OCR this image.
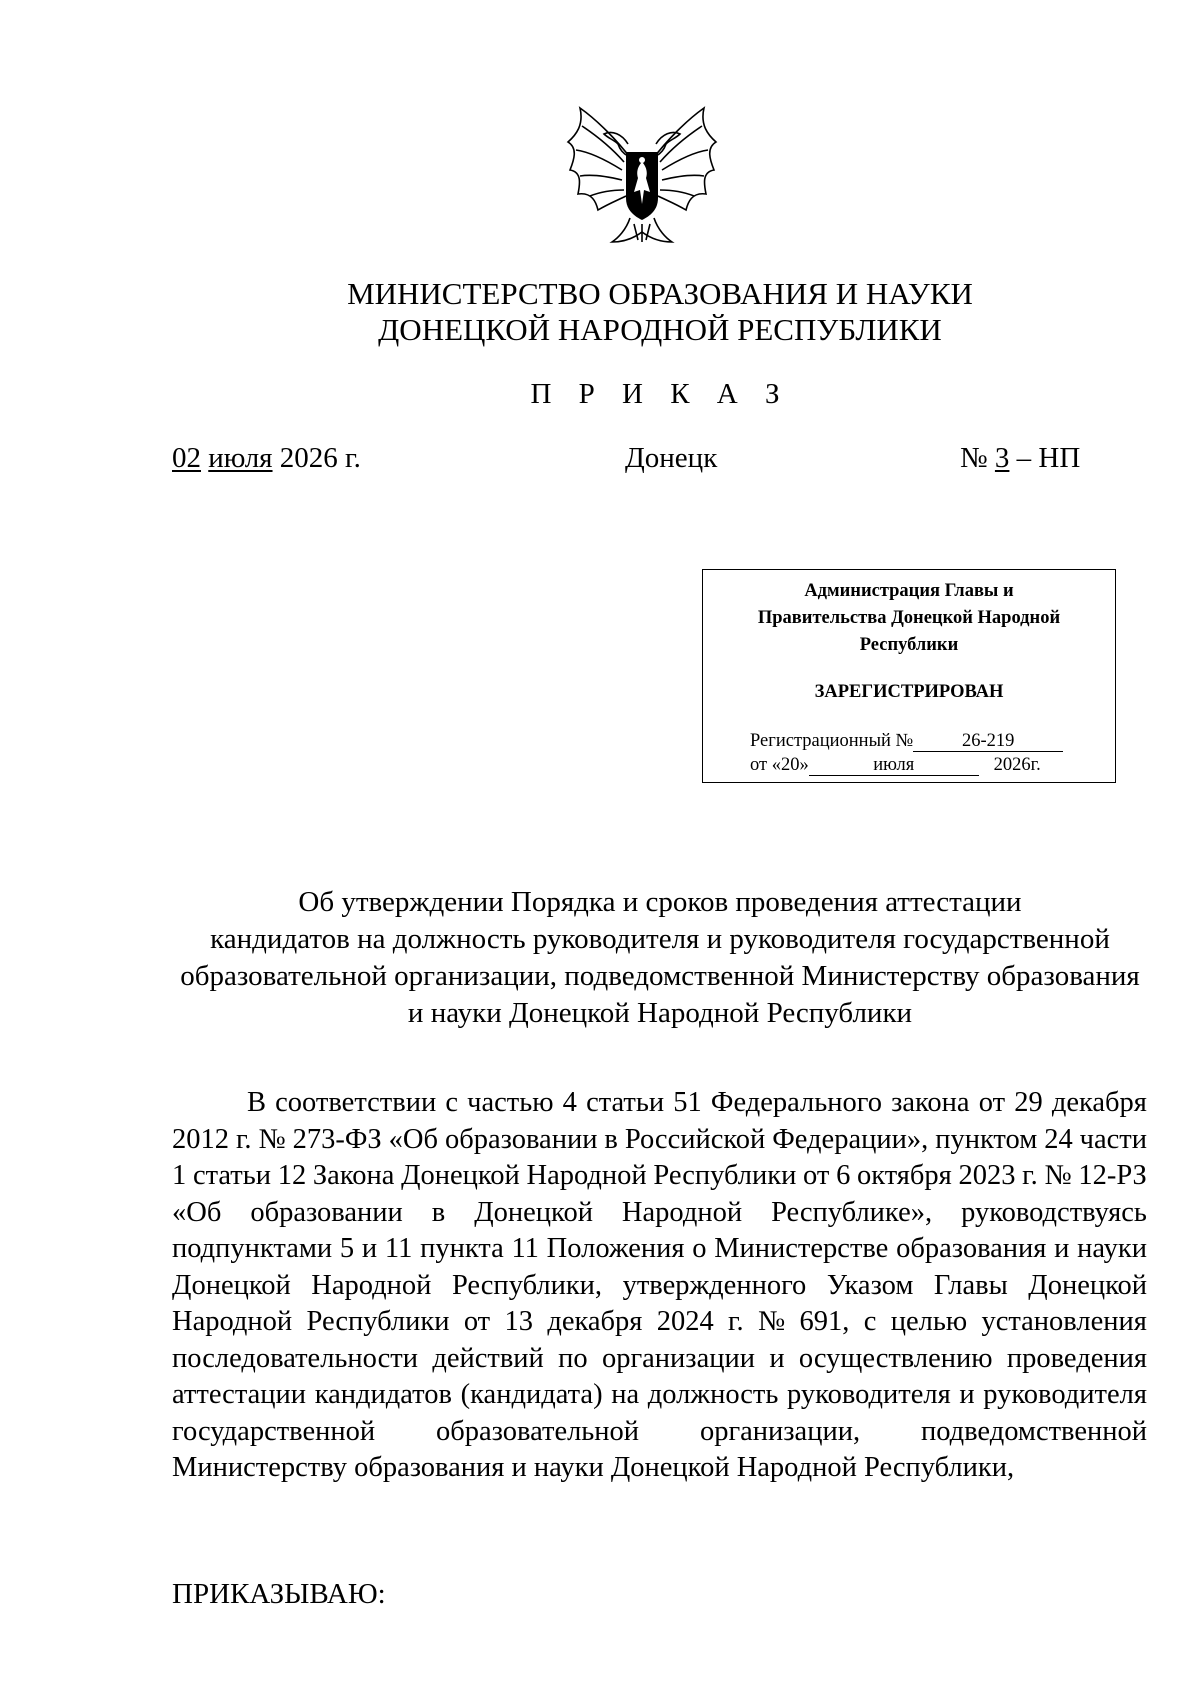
МИНИСТЕРСТВО ОБРАЗОВАНИЯ И НАУКИ
ДОНЕЦКОЙ НАРОДНОЙ РЕСПУБЛИКИ
П Р И К А З
02 июля 2026 г.	Донецк	№ 3 – НП
Администрация Главы и
Правительства Донецкой Народной
Республики
ЗАРЕГИСТРИРОВАН
Регистрационный №	26-219
от «20»	июля	2026г.
Об утверждении Порядка и сроков проведения аттестации
кандидатов на должность руководителя и руководителя государственной
образовательной организации, подведомственной Министерству образования
и науки Донецкой Народной Республики
В соответствии с частью 4 статьи 51 Федерального закона от 29 декабря
2012 г. № 273-ФЗ «Об образовании в Российской Федерации», пунктом 24 части
1 статьи 12 Закона Донецкой Народной Республики от 6 октября 2023 г. № 12-РЗ
«Об образовании в Донецкой Народной Республике», руководствуясь
подпунктами 5 и 11 пункта 11 Положения о Министерстве образования и науки
Донецкой Народной Республики, утвержденного Указом Главы Донецкой
Народной Республики от 13 декабря 2024 г. № 691, с целью установления
последовательности действий по организации и осуществлению проведения
аттестации кандидатов (кандидата) на должность руководителя и руководителя
государственной образовательной организации, подведомственной
Министерству образования и науки Донецкой Народной Республики,
ПРИКАЗЫВАЮ:
